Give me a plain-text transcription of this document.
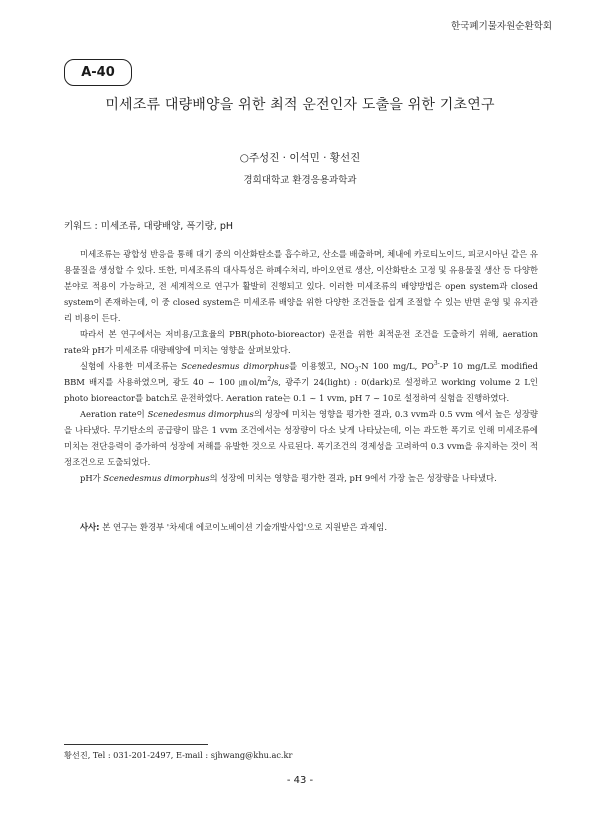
한국폐기물자원순환학회
A-40
미세조류 대량배양을 위한 최적 운전인자 도출을 위한 기초연구
○주성진 · 이석민 · 황선진
경희대학교 환경응용과학과
키워드 : 미세조류, 대량배양, 폭기량, pH

미세조류는 광합성 반응을 통해 대기 중의 이산화탄소를 흡수하고, 산소를 배출하며, 체내에 카로티노이드, 피코시아닌 같은 유용물질을 생성할 수 있다. 또한, 미세조류의 대사특성은 하폐수처리, 바이오연료 생산, 이산화탄소 고정 및 유용물질 생산 등 다양한 분야로 적용이 가능하고, 전 세계적으로 연구가 활발히 진행되고 있다. 이러한 미세조류의 배양방법은 open system과 closed system이 존재하는데, 이 중 closed system은 미세조류 배양을 위한 다양한 조건들을 쉽게 조절할 수 있는 반면 운영 및 유지관리 비용이 든다.

따라서 본 연구에서는 저비용/고효율의 PBR(photo-bioreactor) 운전을 위한 최적운전 조건을 도출하기 위해, aeration rate와 pH가 미세조류 대량배양에 미치는 영향을 살펴보았다.

실험에 사용한 미세조류는 Scenedesmus dimorphus를 이용했고, $NO_3-N$ 100 mg/L, $PO^{3-}-P$ 10 mg/L로 modified BBM 배지를 사용하였으며, 광도 40 ~ 100 $㎛ol/m^2/s$, 광주기 24(light) : 0(dark)로 설정하고 working volume 2 L인 photo bioreactor를 batch로 운전하였다. Aeration rate는 0.1 ~ 1 vvm, pH 7 ~ 10로 설정하여 실험을 진행하였다.

Aeration rate이 Scenedesmus dimorphus의 성장에 미치는 영향을 평가한 결과, 0.3 vvm과 0.5 vvm 에서 높은 성장량을 나타냈다. 무기탄소의 공급량이 많은 1 vvm 조건에서는 성장량이 다소 낮게 나타났는데, 이는 과도한 폭기로 인해 미세조류에 미치는 전단응력이 증가하여 성장에 저해를 유발한 것으로 사료된다. 폭기조건의 경제성을 고려하여 0.3 vvm을 유지하는 것이 적정조건으로 도출되었다.

pH가 Scenedesmus dimorphus의 성장에 미치는 영향을 평가한 결과, pH 9에서 가장 높은 성장량을 나타냈다.

사사: 본 연구는 환경부 '차세대 에코이노베이션 기술개발사업'으로 지원받은 과제임.
황선진, Tel : 031-201-2497, E-mail : sjhwang@khu.ac.kr
- 43 -
